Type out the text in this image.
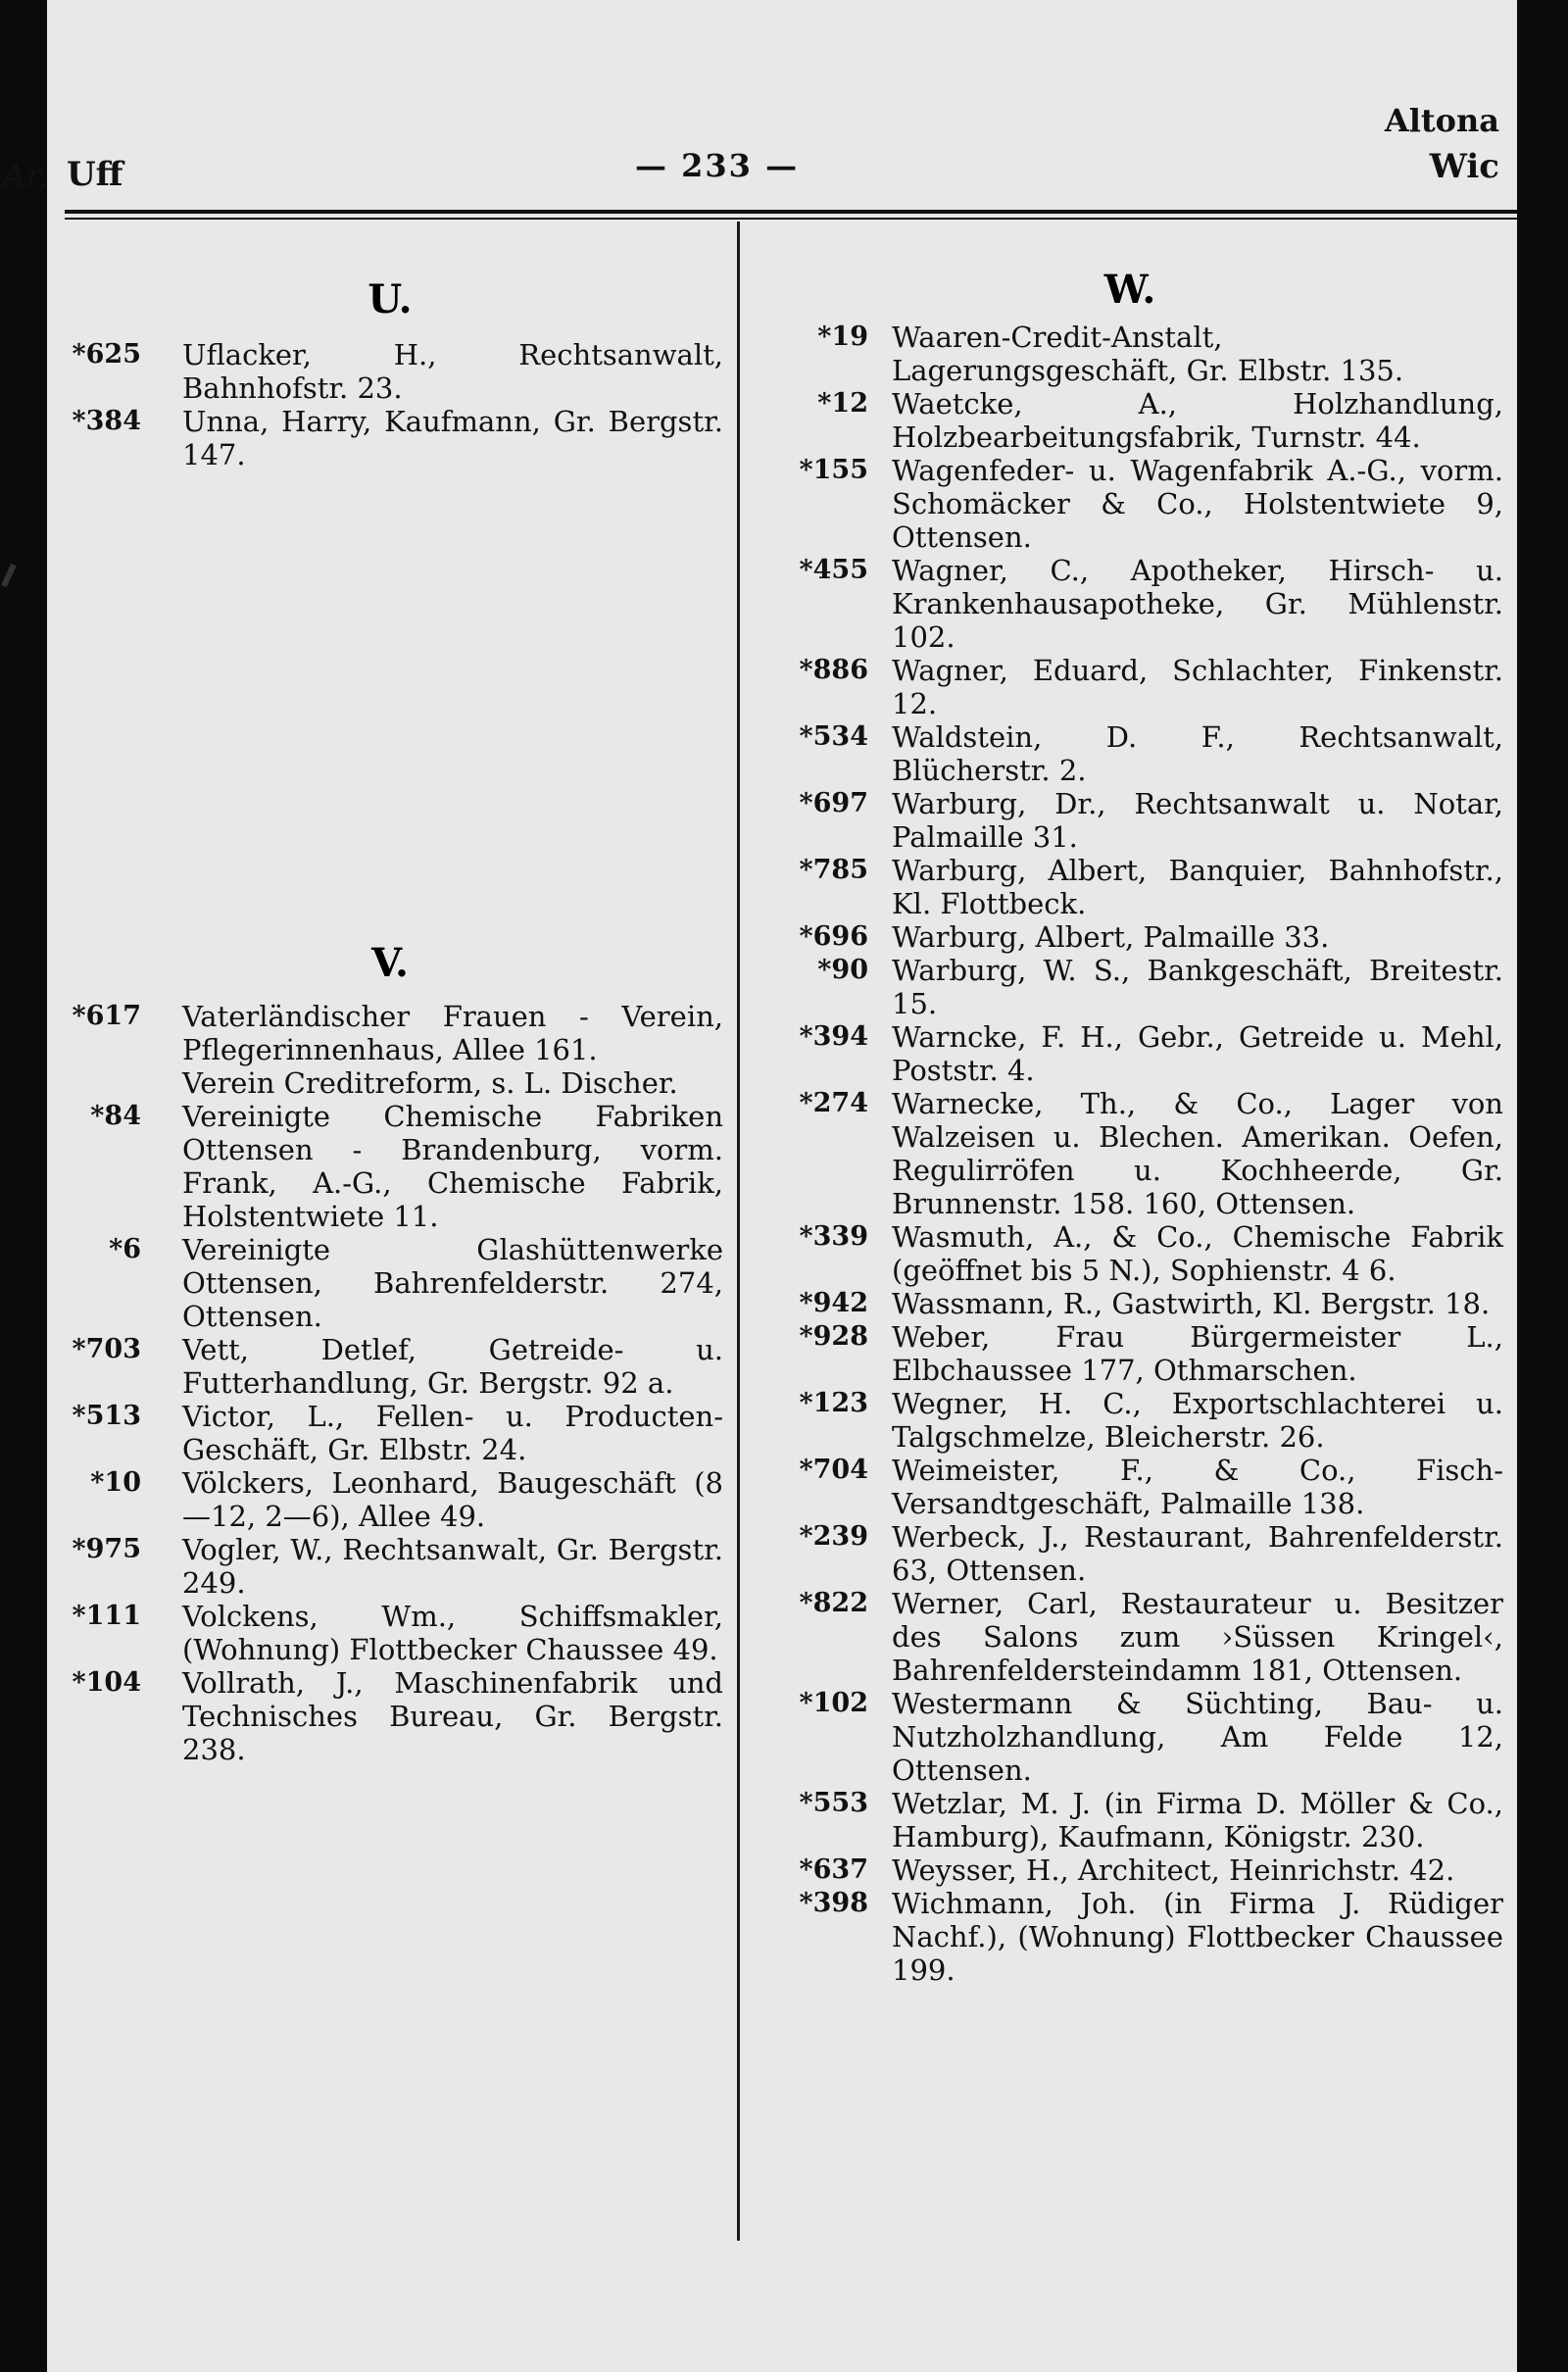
Uff	— 233 —
Altona
Wic
U.
*625 Uflacker, H., Rechtsanwalt, Bahnhofstr. 23.
*384 Unna, Harry, Kaufmann, Gr. Bergstr. 147.
V.
*617 Vaterländischer Frauen - Verein, Pflegerinnenhaus, Allee 161.
Verein Creditreform, s. L. Discher.
*84 Vereinigte Chemische Fabriken Ottensen - Brandenburg, vorm. Frank, A.-G., Chemische Fabrik, Holstentwiete 11.
*6 Vereinigte Glashüttenwerke Ottensen, Bahrenfelderstr. 274, Ottensen.
*703 Vett, Detlef, Getreide- u. Futterhandlung, Gr. Bergstr. 92 a.
*513 Victor, L., Fellen- u. Producten-Geschäft, Gr. Elbstr. 24.
*10 Völckers, Leonhard, Baugeschäft (8—12, 2—6), Allee 49.
*975 Vogler, W., Rechtsanwalt, Gr. Bergstr. 249.
*111 Volckens, Wm., Schiffsmakler, (Wohnung) Flottbecker Chaussee 49.
*104 Vollrath, J., Maschinenfabrik und Technisches Bureau, Gr. Bergstr. 238.
W.
*19 Waaren-Credit-Anstalt, Lagerungsgeschäft, Gr. Elbstr. 135.
*12 Waetcke, A., Holzhandlung, Holzbearbeitungsfabrik, Turnstr. 44.
*155 Wagenfeder- u. Wagenfabrik A.-G., vorm. Schomäcker & Co., Holstentwiete 9, Ottensen.
*455 Wagner, C., Apotheker, Hirsch- u. Krankenhausapotheke, Gr. Mühlenstr. 102.
*886 Wagner, Eduard, Schlachter, Finkenstr. 12.
*534 Waldstein, D. F., Rechtsanwalt, Blücherstr. 2.
*697 Warburg, Dr., Rechtsanwalt u. Notar, Palmaille 31.
*785 Warburg, Albert, Banquier, Bahnhofstr., Kl. Flottbeck.
*696 Warburg, Albert, Palmaille 33.
*90 Warburg, W. S., Bankgeschäft, Breitestr. 15.
*394 Warncke, F. H., Gebr., Getreide u. Mehl, Poststr. 4.
*274 Warnecke, Th., & Co., Lager von Walzeisen u. Blechen. Amerikan. Oefen, Regulirröfen u. Kochheerde, Gr. Brunnenstr. 158. 160, Ottensen.
*339 Wasmuth, A., & Co., Chemische Fabrik (geöffnet bis 5 N.), Sophienstr. 4 6.
*942 Wassmann, R., Gastwirth, Kl. Bergstr. 18.
*928 Weber, Frau Bürgermeister L., Elbchaussee 177, Othmarschen.
*123 Wegner, H. C., Exportschlachterei u. Talgschmelze, Bleicherstr. 26.
*704 Weimeister, F., & Co., Fisch-Versandtgeschäft, Palmaille 138.
*239 Werbeck, J., Restaurant, Bahrenfelderstr. 63, Ottensen.
*822 Werner, Carl, Restaurateur u. Besitzer des Salons zum ›Süssen Kringel‹, Bahrenfeldersteindamm 181, Ottensen.
*102 Westermann & Süchting, Bau- u. Nutzholzhandlung, Am Felde 12, Ottensen.
*553 Wetzlar, M. J. (in Firma D. Möller & Co., Hamburg), Kaufmann, Königstr. 230.
*637 Weysser, H., Architect, Heinrichstr. 42.
*398 Wichmann, Joh. (in Firma J. Rüdiger Nachf.), (Wohnung) Flottbecker Chaussee 199.
Ar.
